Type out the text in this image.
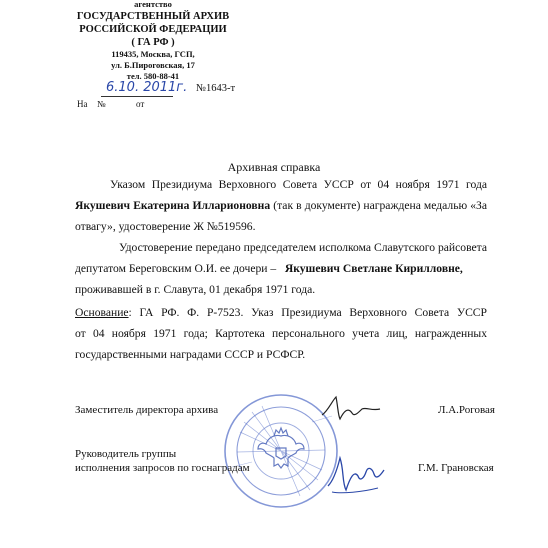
агентство
ГОСУДАРСТВЕННЫЙ АРХИВ
РОССИЙСКОЙ ФЕДЕРАЦИИ
( ГА РФ )
119435, Москва, ГСП,
ул. Б.Пироговская, 17
тел. 580-88-41
6.10. 2011г. №1643-т
На №	от
Архивная справка
Указом Президиума Верховного Совета УССР от 04 ноября 1971 года
Якушевич Екатерина Илларионовна (так в документе) награждена медалью «За
отвагу», удостоверение Ж №519596.
Удостоверение передано председателем исполкома Славутского райсовета
депутатом Береговским О.И. ее дочери – Якушевич Светлане Кирилловне,
проживавшей в г. Славута, 01 декабря 1971 года.
Основание: ГА РФ. Ф. Р-7523. Указ Президиума Верховного Совета УССР
от 04 ноября 1971 года; Картотека персонального учета лиц, награжденных
государственными наградами СССР и РСФСР.
Заместитель директора архива	Л.А.Роговая
Руководитель группы
исполнения запросов по госнаградам	Г.М. Грановская
